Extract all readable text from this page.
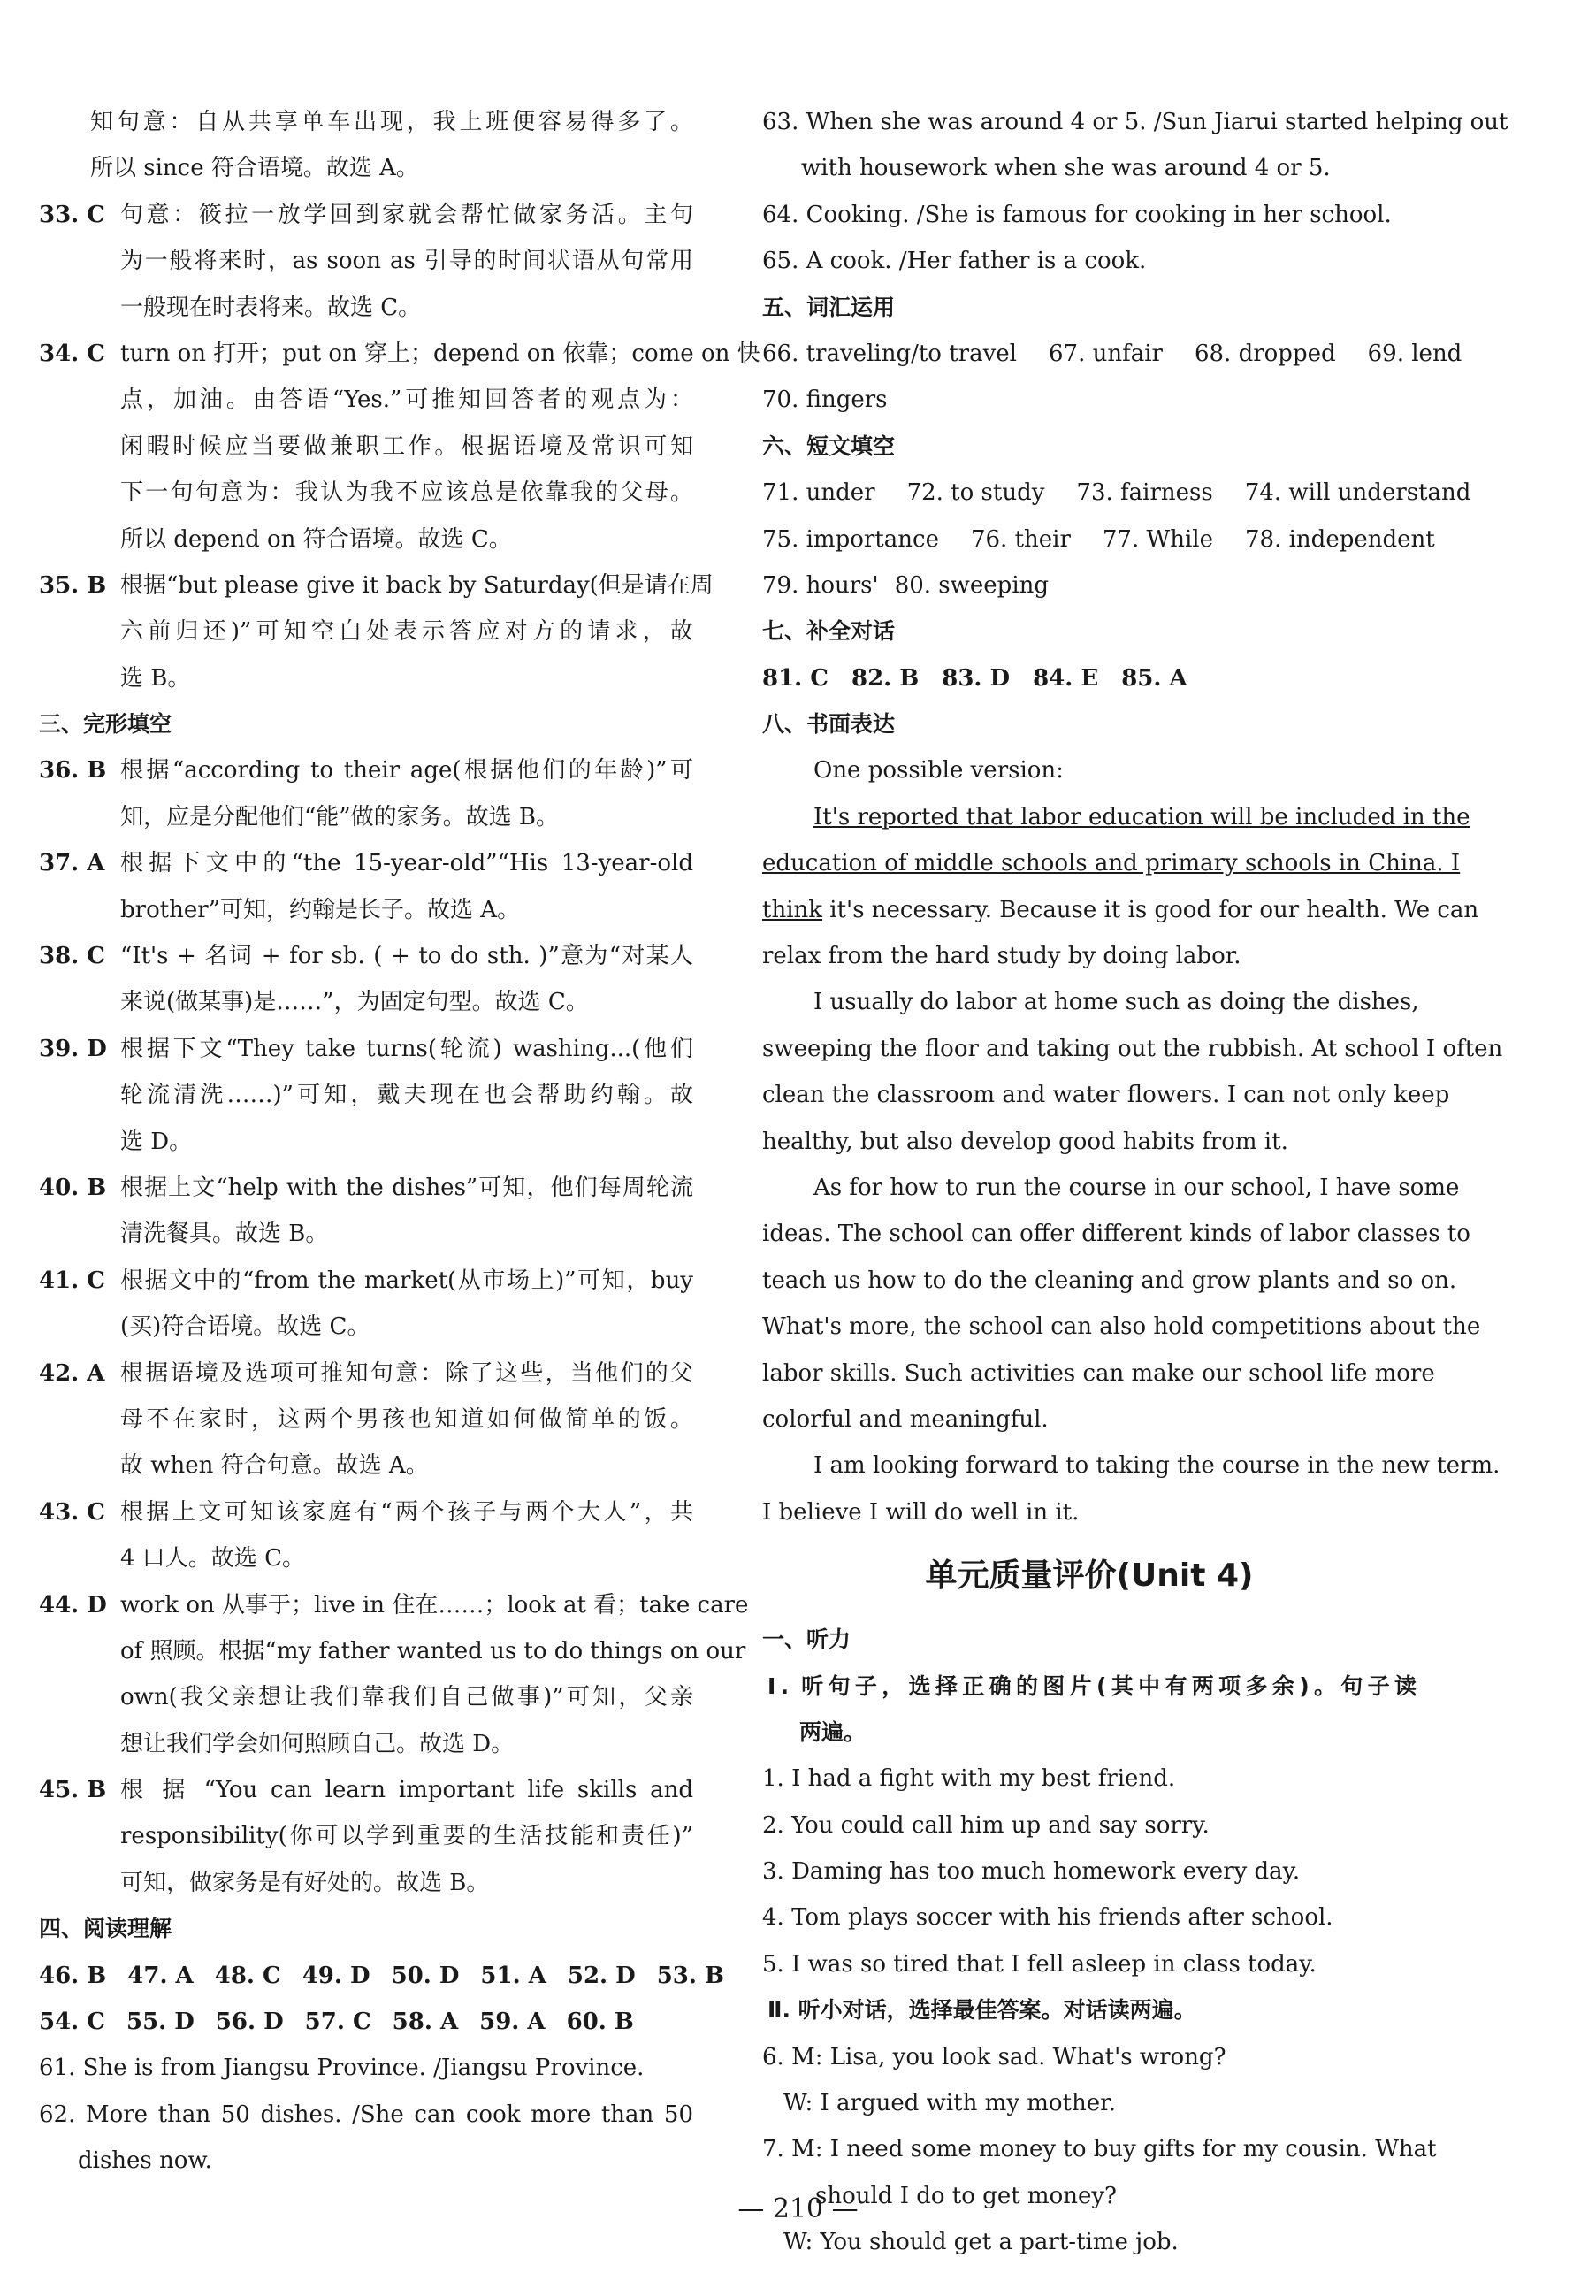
知句意：自从共享单车出现，我上班便容易得多了。
所以 since 符合语境。故选 A。
33. C 句意：筱拉一放学回到家就会帮忙做家务活。主句
为一般将来时，as soon as 引导的时间状语从句常用
一般现在时表将来。故选 C。
34. C turn on 打开；put on 穿上；depend on 依靠；come on 快
点，加油。由答语“Yes.”可推知回答者的观点为：
闲暇时候应当要做兼职工作。根据语境及常识可知
下一句句意为：我认为我不应该总是依靠我的父母。
所以 depend on 符合语境。故选 C。
35. B 根据“but please give it back by Saturday(但是请在周
六前归还)”可知空白处表示答应对方的请求，故
选 B。
三、完形填空
36. B 根据“according to their age(根据他们的年龄)”可
知，应是分配他们“能”做的家务。故选 B。
37. A 根据下文中的“the 15-year-old”“His 13-year-old
brother”可知，约翰是长子。故选 A。
38. C “It's + 名词 + for sb. ( + to do sth. )”意为“对某人
来说(做某事)是……”，为固定句型。故选 C。
39. D 根据下文“They take turns(轮流) washing...(他们
轮流清洗……)”可知，戴夫现在也会帮助约翰。故
选 D。
40. B 根据上文“help with the dishes”可知，他们每周轮流
清洗餐具。故选 B。
41. C 根据文中的“from the market(从市场上)”可知，buy
(买)符合语境。故选 C。
42. A 根据语境及选项可推知句意：除了这些，当他们的父
母不在家时，这两个男孩也知道如何做简单的饭。
故 when 符合句意。故选 A。
43. C 根据上文可知该家庭有“两个孩子与两个大人”，共
4 口人。故选 C。
44. D work on 从事于；live in 住在……；look at 看；take care
of 照顾。根据“my father wanted us to do things on our
own(我父亲想让我们靠我们自己做事)”可知，父亲
想让我们学会如何照顾自己。故选 D。
45. B 根 据 “You can learn important life skills and
responsibility(你可以学到重要的生活技能和责任)”
可知，做家务是有好处的。故选 B。
四、阅读理解
46. B 47. A 48. C 49. D 50. D 51. A 52. D 53. B
54. C 55. D 56. D 57. C 58. A 59. A 60. B
61. She is from Jiangsu Province. /Jiangsu Province.
62. More than 50 dishes. /She can cook more than 50
dishes now.
63. When she was around 4 or 5. /Sun Jiarui started helping out
with housework when she was around 4 or 5.
64. Cooking. /She is famous for cooking in her school.
65. A cook. /Her father is a cook.
五、词汇运用
66. traveling/to travel 67. unfair 68. dropped 69. lend
70. fingers
六、短文填空
71. under 72. to study 73. fairness 74. will understand
75. importance 76. their 77. While 78. independent
79. hours' 80. sweeping
七、补全对话
81. C 82. B 83. D 84. E 85. A
八、书面表达
One possible version:
It's reported that labor education will be included in the
education of middle schools and primary schools in China. I
think it's necessary. Because it is good for our health. We can
relax from the hard study by doing labor.
I usually do labor at home such as doing the dishes,
sweeping the floor and taking out the rubbish. At school I often
clean the classroom and water flowers. I can not only keep
healthy, but also develop good habits from it.
As for how to run the course in our school, I have some
ideas. The school can offer different kinds of labor classes to
teach us how to do the cleaning and grow plants and so on.
What's more, the school can also hold competitions about the
labor skills. Such activities can make our school life more
colorful and meaningful.
I am looking forward to taking the course in the new term.
I believe I will do well in it.
单元质量评价(Unit 4)
一、听力
Ⅰ. 听句子，选择正确的图片(其中有两项多余)。句子读
两遍。
1. I had a fight with my best friend.
2. You could call him up and say sorry.
3. Daming has too much homework every day.
4. Tom plays soccer with his friends after school.
5. I was so tired that I fell asleep in class today.
Ⅱ. 听小对话，选择最佳答案。对话读两遍。
6. M: Lisa, you look sad. What's wrong?
W: I argued with my mother.
7. M: I need some money to buy gifts for my cousin. What
should I do to get money?
W: You should get a part-time job.
— 210 —
